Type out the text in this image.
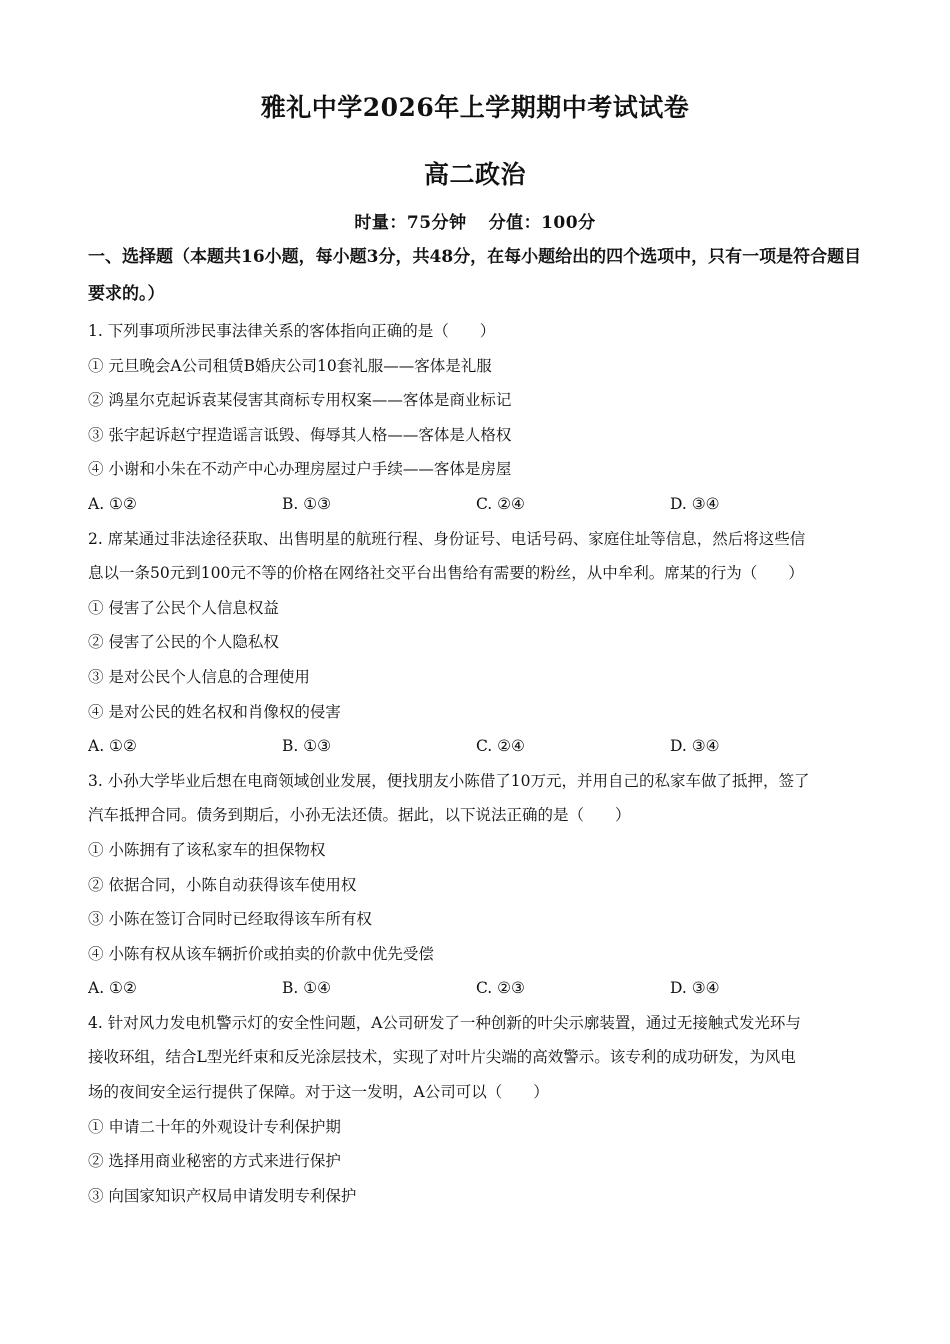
雅礼中学2026年上学期期中考试试卷
高二政治
时量：75分钟 分值：100分
一、选择题（本题共16小题，每小题3分，共48分，在每小题给出的四个选项中，只有一项是符合题目要求的。）
1. 下列事项所涉民事法律关系的客体指向正确的是（　　）
① 元旦晚会A公司租赁B婚庆公司10套礼服——客体是礼服
② 鸿星尔克起诉袁某侵害其商标专用权案——客体是商业标记
③ 张宇起诉赵宁捏造谣言诋毁、侮辱其人格——客体是人格权
④ 小谢和小朱在不动产中心办理房屋过户手续——客体是房屋
A. ①②	B. ①③	C. ②④	D. ③④
2. 席某通过非法途径获取、出售明星的航班行程、身份证号、电话号码、家庭住址等信息，然后将这些信
息以一条50元到100元不等的价格在网络社交平台出售给有需要的粉丝，从中牟利。席某的行为（　　）
① 侵害了公民个人信息权益
② 侵害了公民的个人隐私权
③ 是对公民个人信息的合理使用
④ 是对公民的姓名权和肖像权的侵害
A. ①②	B. ①③	C. ②④	D. ③④
3. 小孙大学毕业后想在电商领域创业发展，便找朋友小陈借了10万元，并用自己的私家车做了抵押，签了
汽车抵押合同。债务到期后，小孙无法还债。据此，以下说法正确的是（　　）
① 小陈拥有了该私家车的担保物权
② 依据合同，小陈自动获得该车使用权
③ 小陈在签订合同时已经取得该车所有权
④ 小陈有权从该车辆折价或拍卖的价款中优先受偿
A. ①②	B. ①④	C. ②③	D. ③④
4. 针对风力发电机警示灯的安全性问题，A公司研发了一种创新的叶尖示廓装置，通过无接触式发光环与
接收环组，结合L型光纤束和反光涂层技术，实现了对叶片尖端的高效警示。该专利的成功研发，为风电
场的夜间安全运行提供了保障。对于这一发明，A公司可以（　　）
① 申请二十年的外观设计专利保护期
② 选择用商业秘密的方式来进行保护
③ 向国家知识产权局申请发明专利保护
